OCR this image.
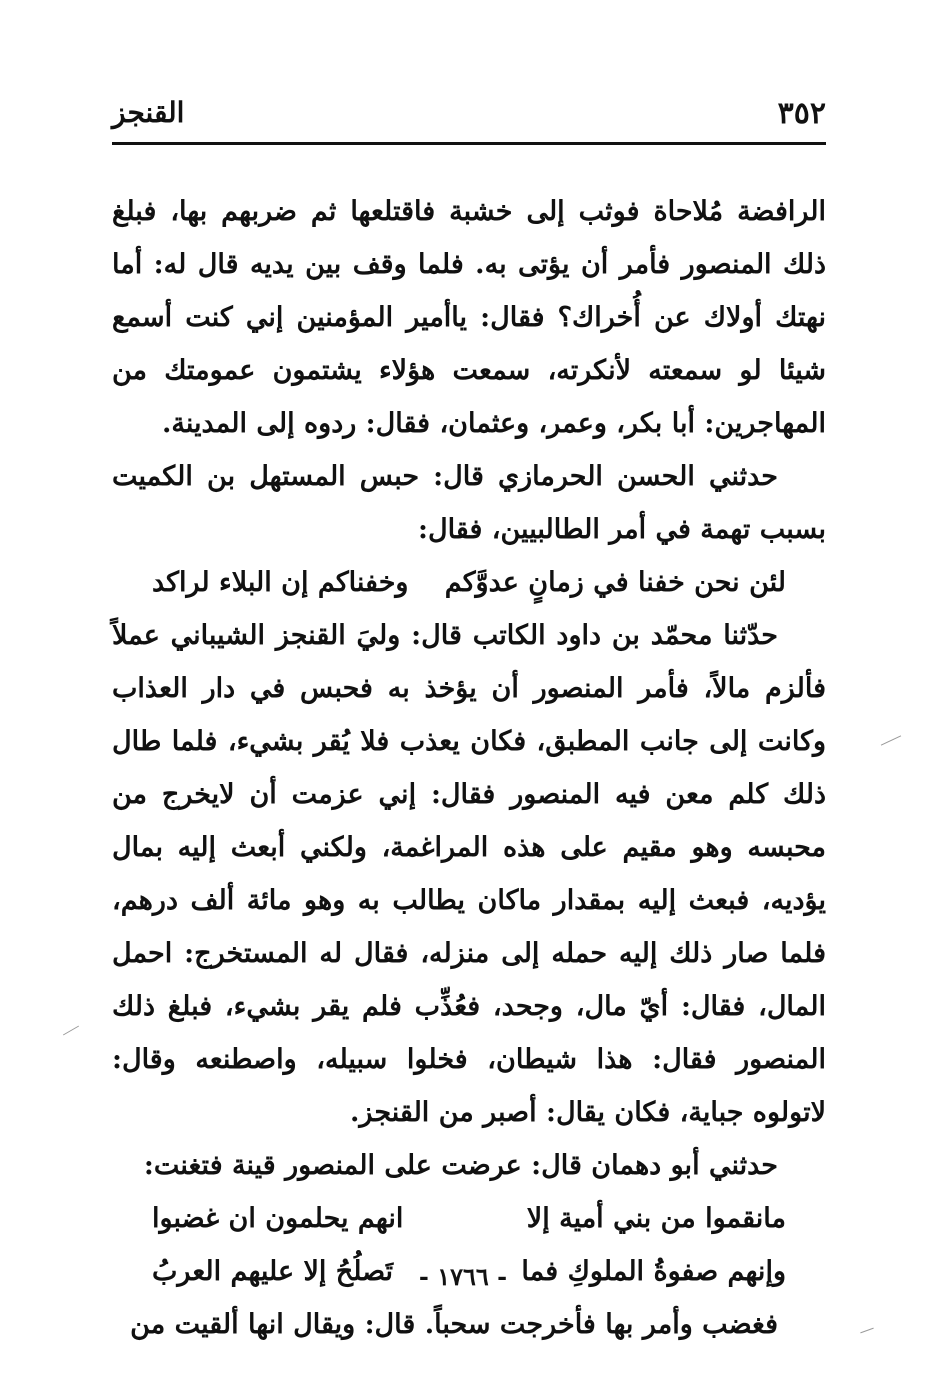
٣٥٢
القنجز

الرافضة مُلاحاة فوثب إلى خشبة فاقتلعها ثم ضربهم بها، فبلغ ذلك المنصور فأمر أن يؤتى به. فلما وقف بين يديه قال له: أما نهتك أولاك عن أُخراك؟ فقال: ياأمير المؤمنين إني كنت أسمع شيئا لو سمعته لأنكرته، سمعت هؤلاء يشتمون عمومتك من المهاجرين: أبا بكر، وعمر، وعثمان، فقال: ردوه إلى المدينة.

حدثني الحسن الحرمازي قال: حبس المستهل بن الكميت بسبب تهمة في أمر الطالبيين، فقال:

لئن نحن خفنا في زمانٍ عدوَّكم
وخفناكم إن البلاء لراكد

حدّثنا محمّد بن داود الكاتب قال: وليَ القنجز الشيباني عملاً فألزم مالاً، فأمر المنصور أن يؤخذ به فحبس في دار العذاب وكانت إلى جانب المطبق، فكان يعذب فلا يُقر بشيء، فلما طال ذلك كلم معن فيه المنصور فقال: إني عزمت أن لايخرج من محبسه وهو مقيم على هذه المراغمة، ولكني أبعث إليه بمال يؤديه، فبعث إليه بمقدار ماكان يطالب به وهو مائة ألف درهم، فلما صار ذلك إليه حمله إلى منزله، فقال له المستخرج: احمل المال، فقال: أيّ مال، وجحد، فعُذِّب فلم يقر بشيء، فبلغ ذلك المنصور فقال: هذا شيطان، فخلوا سبيله، واصطنعه وقال: لاتولوه جباية، فكان يقال: أصبر من القنجز.

حدثني أبو دهمان قال: عرضت على المنصور قينة فتغنت:

مانقموا من بني أمية إلا
انهم يحلمون ان غضبوا
وإنهم صفوةُ الملوكِ فما
تَصلُحُ إلا عليهم العربُ

فغضب وأمر بها فأخرجت سحباً. قال: ويقال انها ألقيت من

- ١٧٦٦ -
